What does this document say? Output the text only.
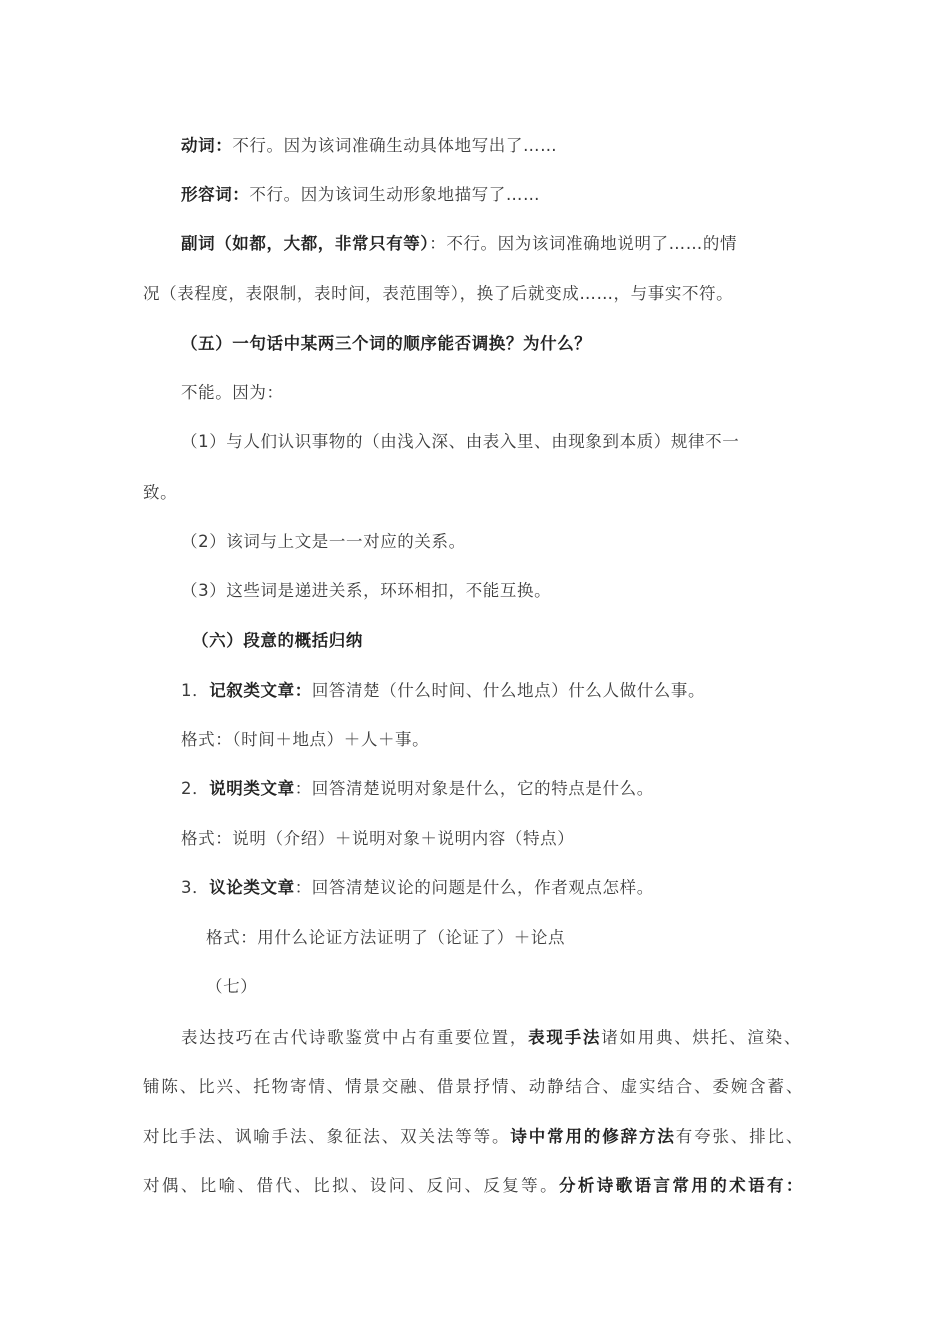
动词：不行。因为该词准确生动具体地写出了……
形容词：不行。因为该词生动形象地描写了……
副词（如都，大都，非常只有等）：不行。因为该词准确地说明了……的情
况（表程度，表限制，表时间，表范围等），换了后就变成……，与事实不符。
（五）一句话中某两三个词的顺序能否调换？为什么？
不能。因为：
（1）与人们认识事物的（由浅入深、由表入里、由现象到本质）规律不一
致。
（2）该词与上文是一一对应的关系。
（3）这些词是递进关系，环环相扣，不能互换。
（六）段意的概括归纳
1．记叙类文章：回答清楚（什么时间、什么地点）什么人做什么事。
格式：（时间＋地点）＋人＋事。
2．说明类文章：回答清楚说明对象是什么，它的特点是什么。
格式：说明（介绍）＋说明对象＋说明内容（特点）
3．议论类文章：回答清楚议论的问题是什么，作者观点怎样。
格式：用什么论证方法证明了（论证了）＋论点
（七）
表达技巧在古代诗歌鉴赏中占有重要位置，表现手法诸如用典、烘托、渲染、
铺陈、比兴、托物寄情、情景交融、借景抒情、动静结合、虚实结合、委婉含蓄、
对比手法、讽喻手法、象征法、双关法等等。诗中常用的修辞方法有夸张、排比、
对偶、比喻、借代、比拟、设问、反问、反复等。分析诗歌语言常用的术语有：
